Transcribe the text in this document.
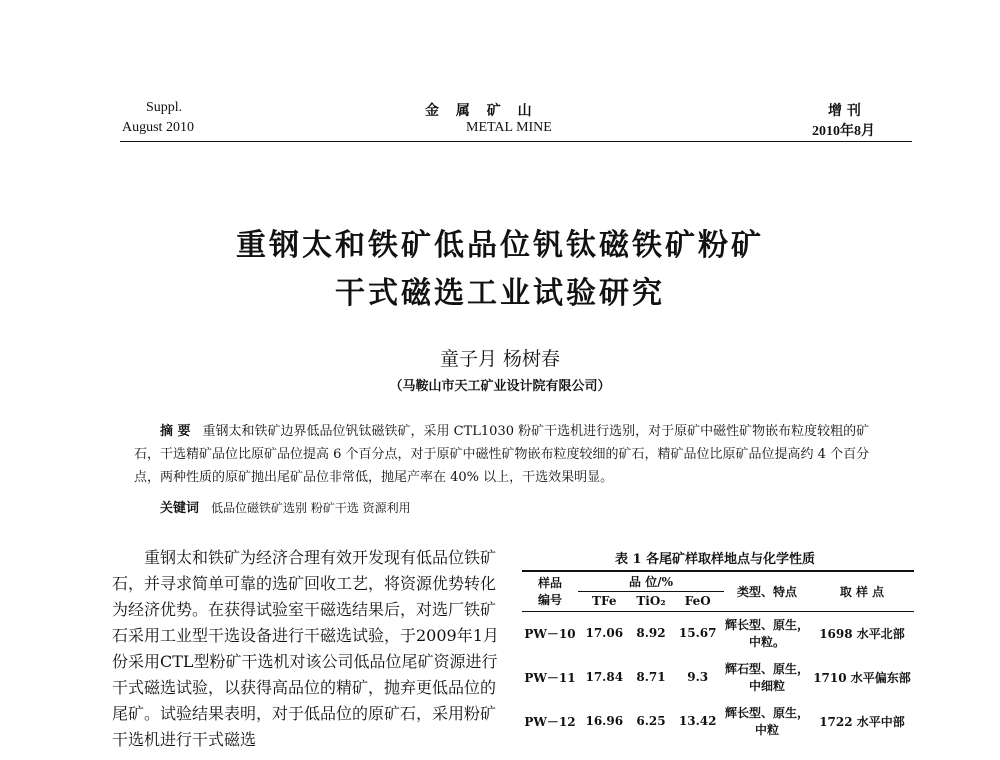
Suppl.
August 2010
金 属 矿 山
METAL MINE
增 刊
2010年8月
重钢太和铁矿低品位钒钛磁铁矿粉矿
干式磁选工业试验研究
童子月 杨树春
（马鞍山市天工矿业设计院有限公司）
摘 要 重钢太和铁矿边界低品位钒钛磁铁矿，采用 CTL1030 粉矿干选机进行选别，对于原矿中磁性矿物嵌布粒度较粗的矿石，干选精矿品位比原矿品位提高 6 个百分点，对于原矿中磁性矿物嵌布粒度较细的矿石，精矿品位比原矿品位提高约 4 个百分点，两种性质的原矿抛出尾矿品位非常低，抛尾产率在 40% 以上，干选效果明显。
关键词 低品位磁铁矿选别 粉矿干选 资源利用

重钢太和铁矿为经济合理有效开发现有低品位铁矿石，并寻求简单可靠的选矿回收工艺，将资源优势转化为经济优势。在获得试验室干磁选结果后，对选厂铁矿石采用工业型干选设备进行干磁选试验，于2009年1月份采用CTL型粉矿干选机对该公司低品位尾矿资源进行干式磁选试验，以获得高品位的精矿，抛弃更低品位的尾矿。试验结果表明，对于低品位的原矿石，采用粉矿干选机进行干式磁选

表 1 各尾矿样取样地点与化学性质
样品
编号	品 位/%			类型、特点	取 样 点
	TFe	TiO₂	FeO		
PW－10	17.06	8.92	15.67	辉长型、原生，中粒。	1698 水平北部
PW－11	17.84	8.71	9.3	辉石型、原生，中细粒	1710 水平偏东部
PW－12	16.96	6.25	13.42	辉长型、原生，中粒	1722 水平中部
